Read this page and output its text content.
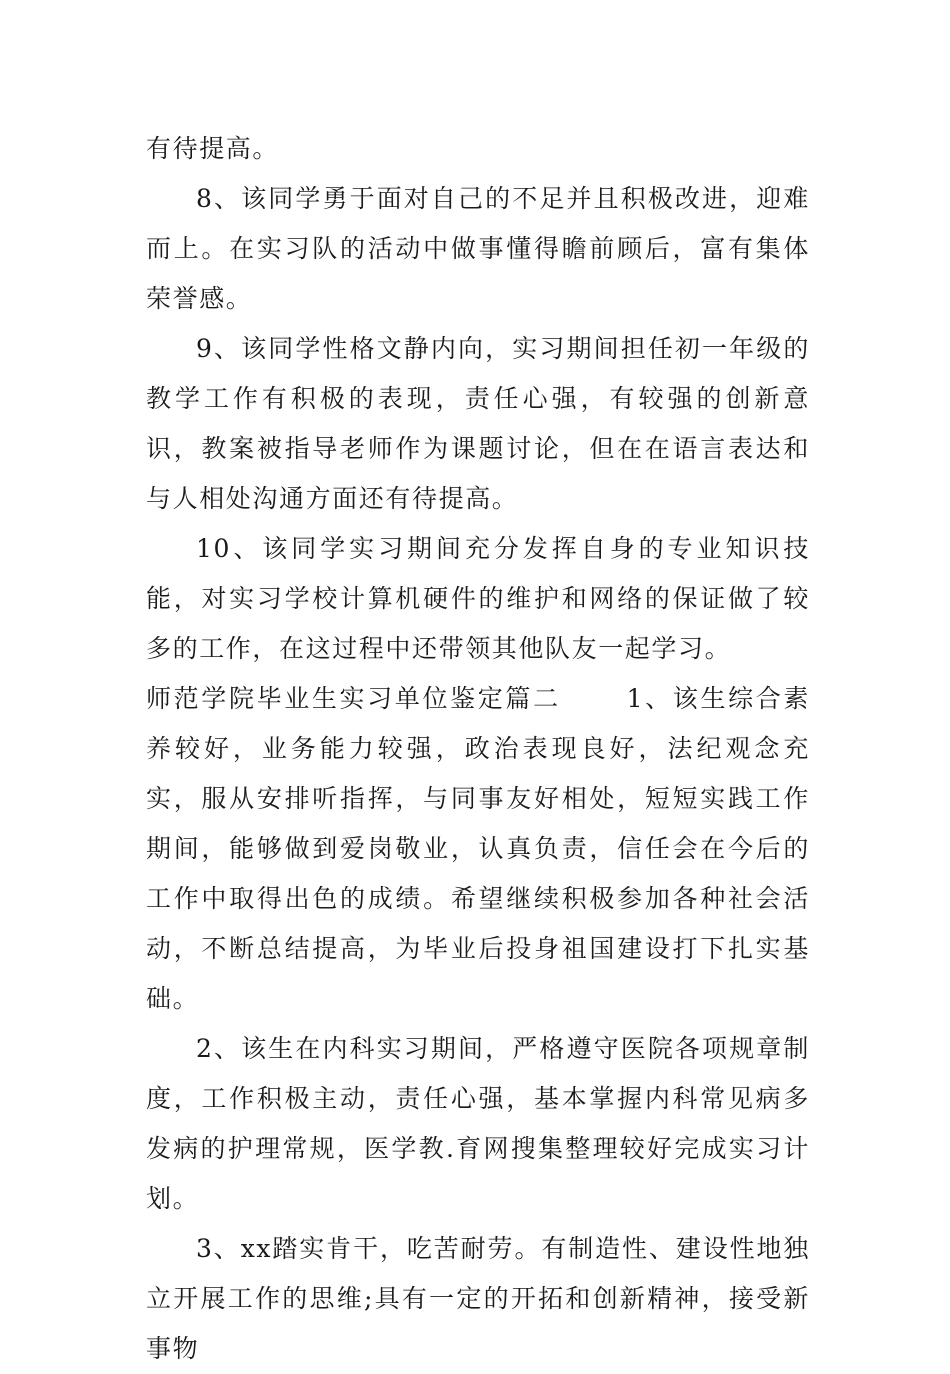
有待提高。

8、该同学勇于面对自己的不足并且积极改进，迎难而上。在实习队的活动中做事懂得瞻前顾后，富有集体荣誉感。

9、该同学性格文静内向，实习期间担任初一年级的教学工作有积极的表现，责任心强，有较强的创新意识，教案被指导老师作为课题讨论，但在在语言表达和与人相处沟通方面还有待提高。

10、该同学实习期间充分发挥自身的专业知识技能，对实习学校计算机硬件的维护和网络的保证做了较多的工作，在这过程中还带领其他队友一起学习。

师范学院毕业生实习单位鉴定篇二　　 1、该生综合素养较好，业务能力较强，政治表现良好，法纪观念充实，服从安排听指挥，与同事友好相处，短短实践工作期间，能够做到爱岗敬业，认真负责，信任会在今后的工作中取得出色的成绩。希望继续积极参加各种社会活动，不断总结提高，为毕业后投身祖国建设打下扎实基础。

2、该生在内科实习期间，严格遵守医院各项规章制度，工作积极主动，责任心强，基本掌握内科常见病多发病的护理常规，医学教.育网搜集整理较好完成实习计划。

3、xx踏实肯干，吃苦耐劳。有制造性、建设性地独立开展工作的思维;具有一定的开拓和创新精神，接受新事物
